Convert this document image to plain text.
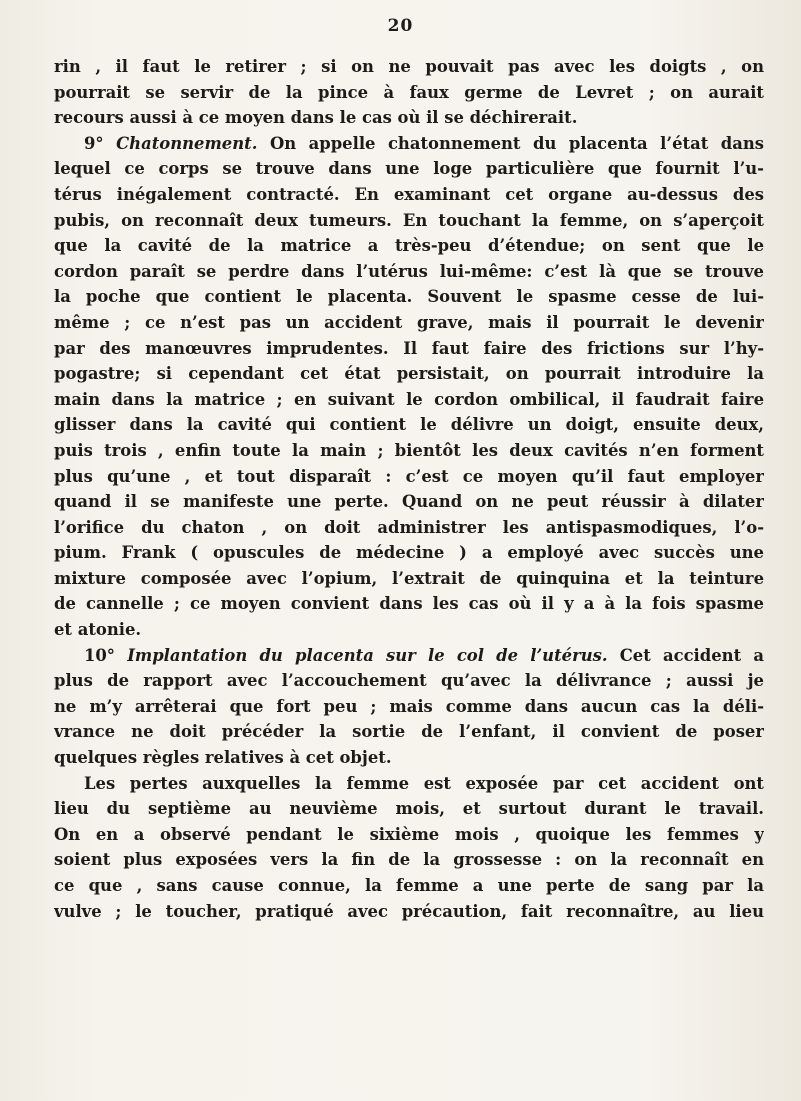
20
rin , il faut le retirer ; si on ne pouvait pas avec les doigts , on
pourrait se servir de la pince à faux germe de Levret ; on aurait
recours aussi à ce moyen dans le cas où il se déchirerait.
9° Chatonnement. On appelle chatonnement du placenta l’état dans
lequel ce corps se trouve dans une loge particulière que fournit l’u-
térus inégalement contracté. En examinant cet organe au-dessus des
pubis, on reconnaît deux tumeurs. En touchant la femme, on s’aperçoit
que la cavité de la matrice a très-peu d’étendue; on sent que le
cordon paraît se perdre dans l’utérus lui-même: c’est là que se trouve
la poche que contient le placenta. Souvent le spasme cesse de lui-
même ; ce n’est pas un accident grave, mais il pourrait le devenir
par des manœuvres imprudentes. Il faut faire des frictions sur l’hy-
pogastre; si cependant cet état persistait, on pourrait introduire la
main dans la matrice ; en suivant le cordon ombilical, il faudrait faire
glisser dans la cavité qui contient le délivre un doigt, ensuite deux,
puis trois , enfin toute la main ; bientôt les deux cavités n’en forment
plus qu’une , et tout disparaît : c’est ce moyen qu’il faut employer
quand il se manifeste une perte. Quand on ne peut réussir à dilater
l’orifice du chaton , on doit administrer les antispasmodiques, l’o-
pium. Frank ( opuscules de médecine ) a employé avec succès une
mixture composée avec l’opium, l’extrait de quinquina et la teinture
de cannelle ; ce moyen convient dans les cas où il y a à la fois spasme
et atonie.
10° Implantation du placenta sur le col de l’utérus. Cet accident a
plus de rapport avec l’accouchement qu’avec la délivrance ; aussi je
ne m’y arrêterai que fort peu ; mais comme dans aucun cas la déli-
vrance ne doit précéder la sortie de l’enfant, il convient de poser
quelques règles relatives à cet objet.
Les pertes auxquelles la femme est exposée par cet accident ont
lieu du septième au neuvième mois, et surtout durant le travail.
On en a observé pendant le sixième mois , quoique les femmes y
soient plus exposées vers la fin de la grossesse : on la reconnaît en
ce que , sans cause connue, la femme a une perte de sang par la
vulve ; le toucher, pratiqué avec précaution, fait reconnaître, au lieu
